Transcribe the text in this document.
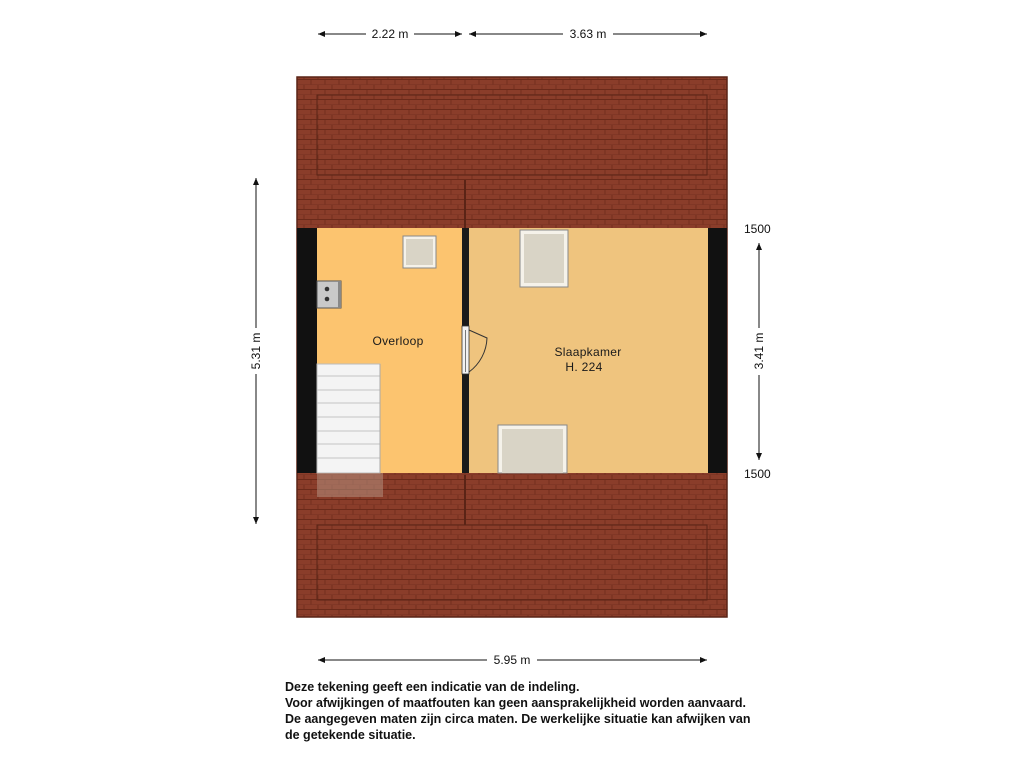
Overloop
Slaapkamer
H. 224
2.22 m	3.63 m
5.95 m
5.31 m	3.41 m
1500
1500
Deze tekening geeft een indicatie van de indeling.
Voor afwijkingen of maatfouten kan geen aansprakelijkheid worden aanvaard.
De aangegeven maten zijn circa maten. De werkelijke situatie kan afwijken van
de getekende situatie.
